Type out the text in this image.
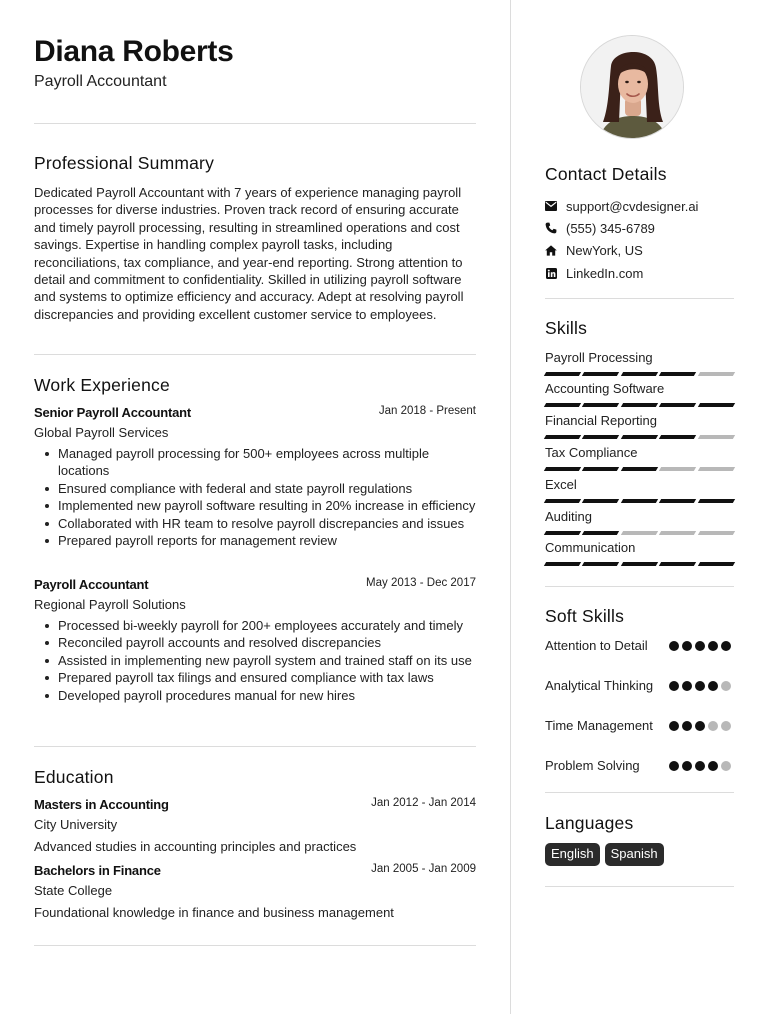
Diana Roberts
Payroll Accountant
Professional Summary
Dedicated Payroll Accountant with 7 years of experience managing payroll processes for diverse industries. Proven track record of ensuring accurate and timely payroll processing, resulting in streamlined operations and cost savings. Expertise in handling complex payroll tasks, including reconciliations, tax compliance, and year-end reporting. Strong attention to detail and commitment to confidentiality. Skilled in utilizing payroll software and systems to optimize efficiency and accuracy. Adept at resolving payroll discrepancies and providing excellent customer service to employees.
Work Experience
Senior Payroll Accountant	Jan 2018 - Present
Global Payroll Services
Managed payroll processing for 500+ employees across multiple locations
Ensured compliance with federal and state payroll regulations
Implemented new payroll software resulting in 20% increase in efficiency
Collaborated with HR team to resolve payroll discrepancies and issues
Prepared payroll reports for management review
Payroll Accountant	May 2013 - Dec 2017
Regional Payroll Solutions
Processed bi-weekly payroll for 200+ employees accurately and timely
Reconciled payroll accounts and resolved discrepancies
Assisted in implementing new payroll system and trained staff on its use
Prepared payroll tax filings and ensured compliance with tax laws
Developed payroll procedures manual for new hires
Education
Masters in Accounting	Jan 2012 - Jan 2014
City University
Advanced studies in accounting principles and practices
Bachelors in Finance	Jan 2005 - Jan 2009
State College
Foundational knowledge in finance and business management
Contact Details
support@cvdesigner.ai
(555) 345-6789
NewYork, US
LinkedIn.com
Skills
Payroll Processing
Accounting Software
Financial Reporting
Tax Compliance
Excel
Auditing
Communication
Soft Skills
Attention to Detail
Analytical Thinking
Time Management
Problem Solving
Languages
English	Spanish
